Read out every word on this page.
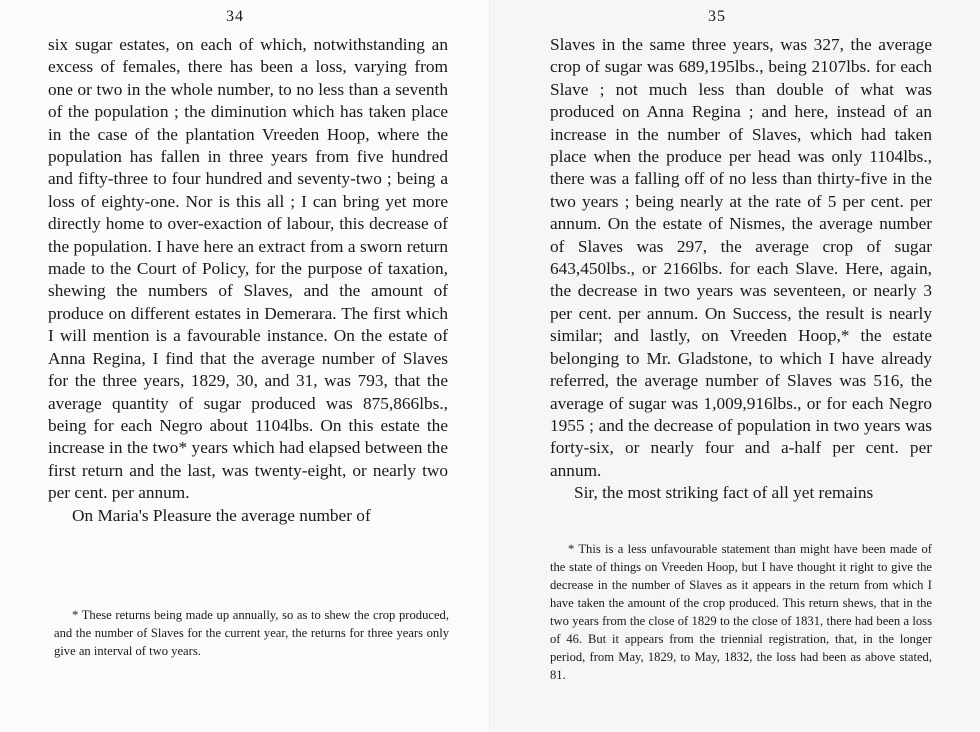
34

six sugar estates, on each of which, notwithstanding an excess of females, there has been a loss, varying from one or two in the whole number, to no less than a seventh of the population ; the diminution which has taken place in the case of the plantation Vreeden Hoop, where the population has fallen in three years from five hundred and fifty-three to four hundred and seventy-two ; being a loss of eighty-one. Nor is this all ; I can bring yet more directly home to over-exaction of labour, this decrease of the population. I have here an extract from a sworn return made to the Court of Policy, for the purpose of taxation, shewing the numbers of Slaves, and the amount of produce on different estates in Demerara. The first which I will mention is a favourable instance. On the estate of Anna Regina, I find that the average number of Slaves for the three years, 1829, 30, and 31, was 793, that the average quantity of sugar produced was 875,866lbs., being for each Negro about 1104lbs. On this estate the increase in the two* years which had elapsed between the first return and the last, was twenty-eight, or nearly two per cent. per annum.

On Maria's Pleasure the average number of

* These returns being made up annually, so as to shew the crop produced, and the number of Slaves for the current year, the returns for three years only give an interval of two years.

35

Slaves in the same three years, was 327, the average crop of sugar was 689,195lbs., being 2107lbs. for each Slave ; not much less than double of what was produced on Anna Regina ; and here, instead of an increase in the number of Slaves, which had taken place when the produce per head was only 1104lbs., there was a falling off of no less than thirty-five in the two years ; being nearly at the rate of 5 per cent. per annum. On the estate of Nismes, the average number of Slaves was 297, the average crop of sugar 643,450lbs., or 2166lbs. for each Slave. Here, again, the decrease in two years was seventeen, or nearly 3 per cent. per annum. On Success, the result is nearly similar; and lastly, on Vreeden Hoop,* the estate belonging to Mr. Gladstone, to which I have already referred, the average number of Slaves was 516, the average of sugar was 1,009,916lbs., or for each Negro 1955 ; and the decrease of population in two years was forty-six, or nearly four and a-half per cent. per annum.

Sir, the most striking fact of all yet remains

* This is a less unfavourable statement than might have been made of the state of things on Vreeden Hoop, but I have thought it right to give the decrease in the number of Slaves as it appears in the return from which I have taken the amount of the crop produced. This return shews, that in the two years from the close of 1829 to the close of 1831, there had been a loss of 46. But it appears from the triennial registration, that, in the longer period, from May, 1829, to May, 1832, the loss had been as above stated, 81.
